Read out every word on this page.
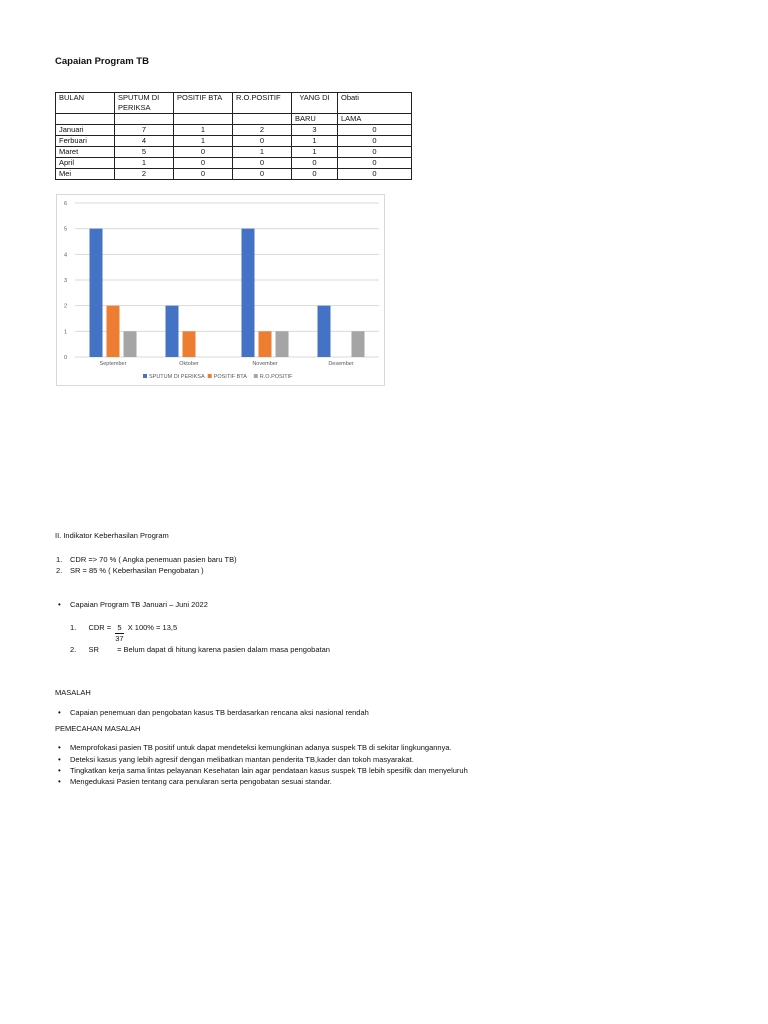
Capaian Program TB
BULAN	SPUTUM DI PERIKSA	POSITIF BTA	R.O.POSITIF	YANG DI	Obati
				BARU	LAMA
Januari	7	1	2	3	0
Ferbuari	4	1	0	1	0
Maret	5	0	1	1	0
April	1	0	0	0	0
Mei	2	0	0	0	0
0
1
2
3
4
5
6
September	Oktober	November	Desember
SPUTUM DI PERIKSA POSITIF BTA R.O.POSITIF
II. Indikator Keberhasilan Program
1. CDR => 70 % ( Angka penemuan pasien baru TB)
2. SR = 85 % ( Keberhasilan Pengobatan )
• Capaian Program TB Januari – Juni 2022
1. CDR = $\frac{5}{37}$ X 100% = 13,5
2. SR = Belum dapat di hitung karena pasien dalam masa pengobatan
MASALAH
• Capaian penemuan dan pengobatan kasus TB berdasarkan rencana aksi nasional rendah
PEMECAHAN MASALAH
• Memprofokasi pasien TB positif untuk dapat mendeteksi kemungkinan adanya suspek TB di sekitar lingkungannya.
• Deteksi kasus yang lebih agresif dengan melibatkan mantan penderita TB,kader dan tokoh masyarakat.
• Tingkatkan kerja sama lintas pelayanan Kesehatan lain agar pendataan kasus suspek TB lebih spesifik dan menyeluruh
• Mengedukasi Pasien tentang cara penularan serta pengobatan sesuai standar.
